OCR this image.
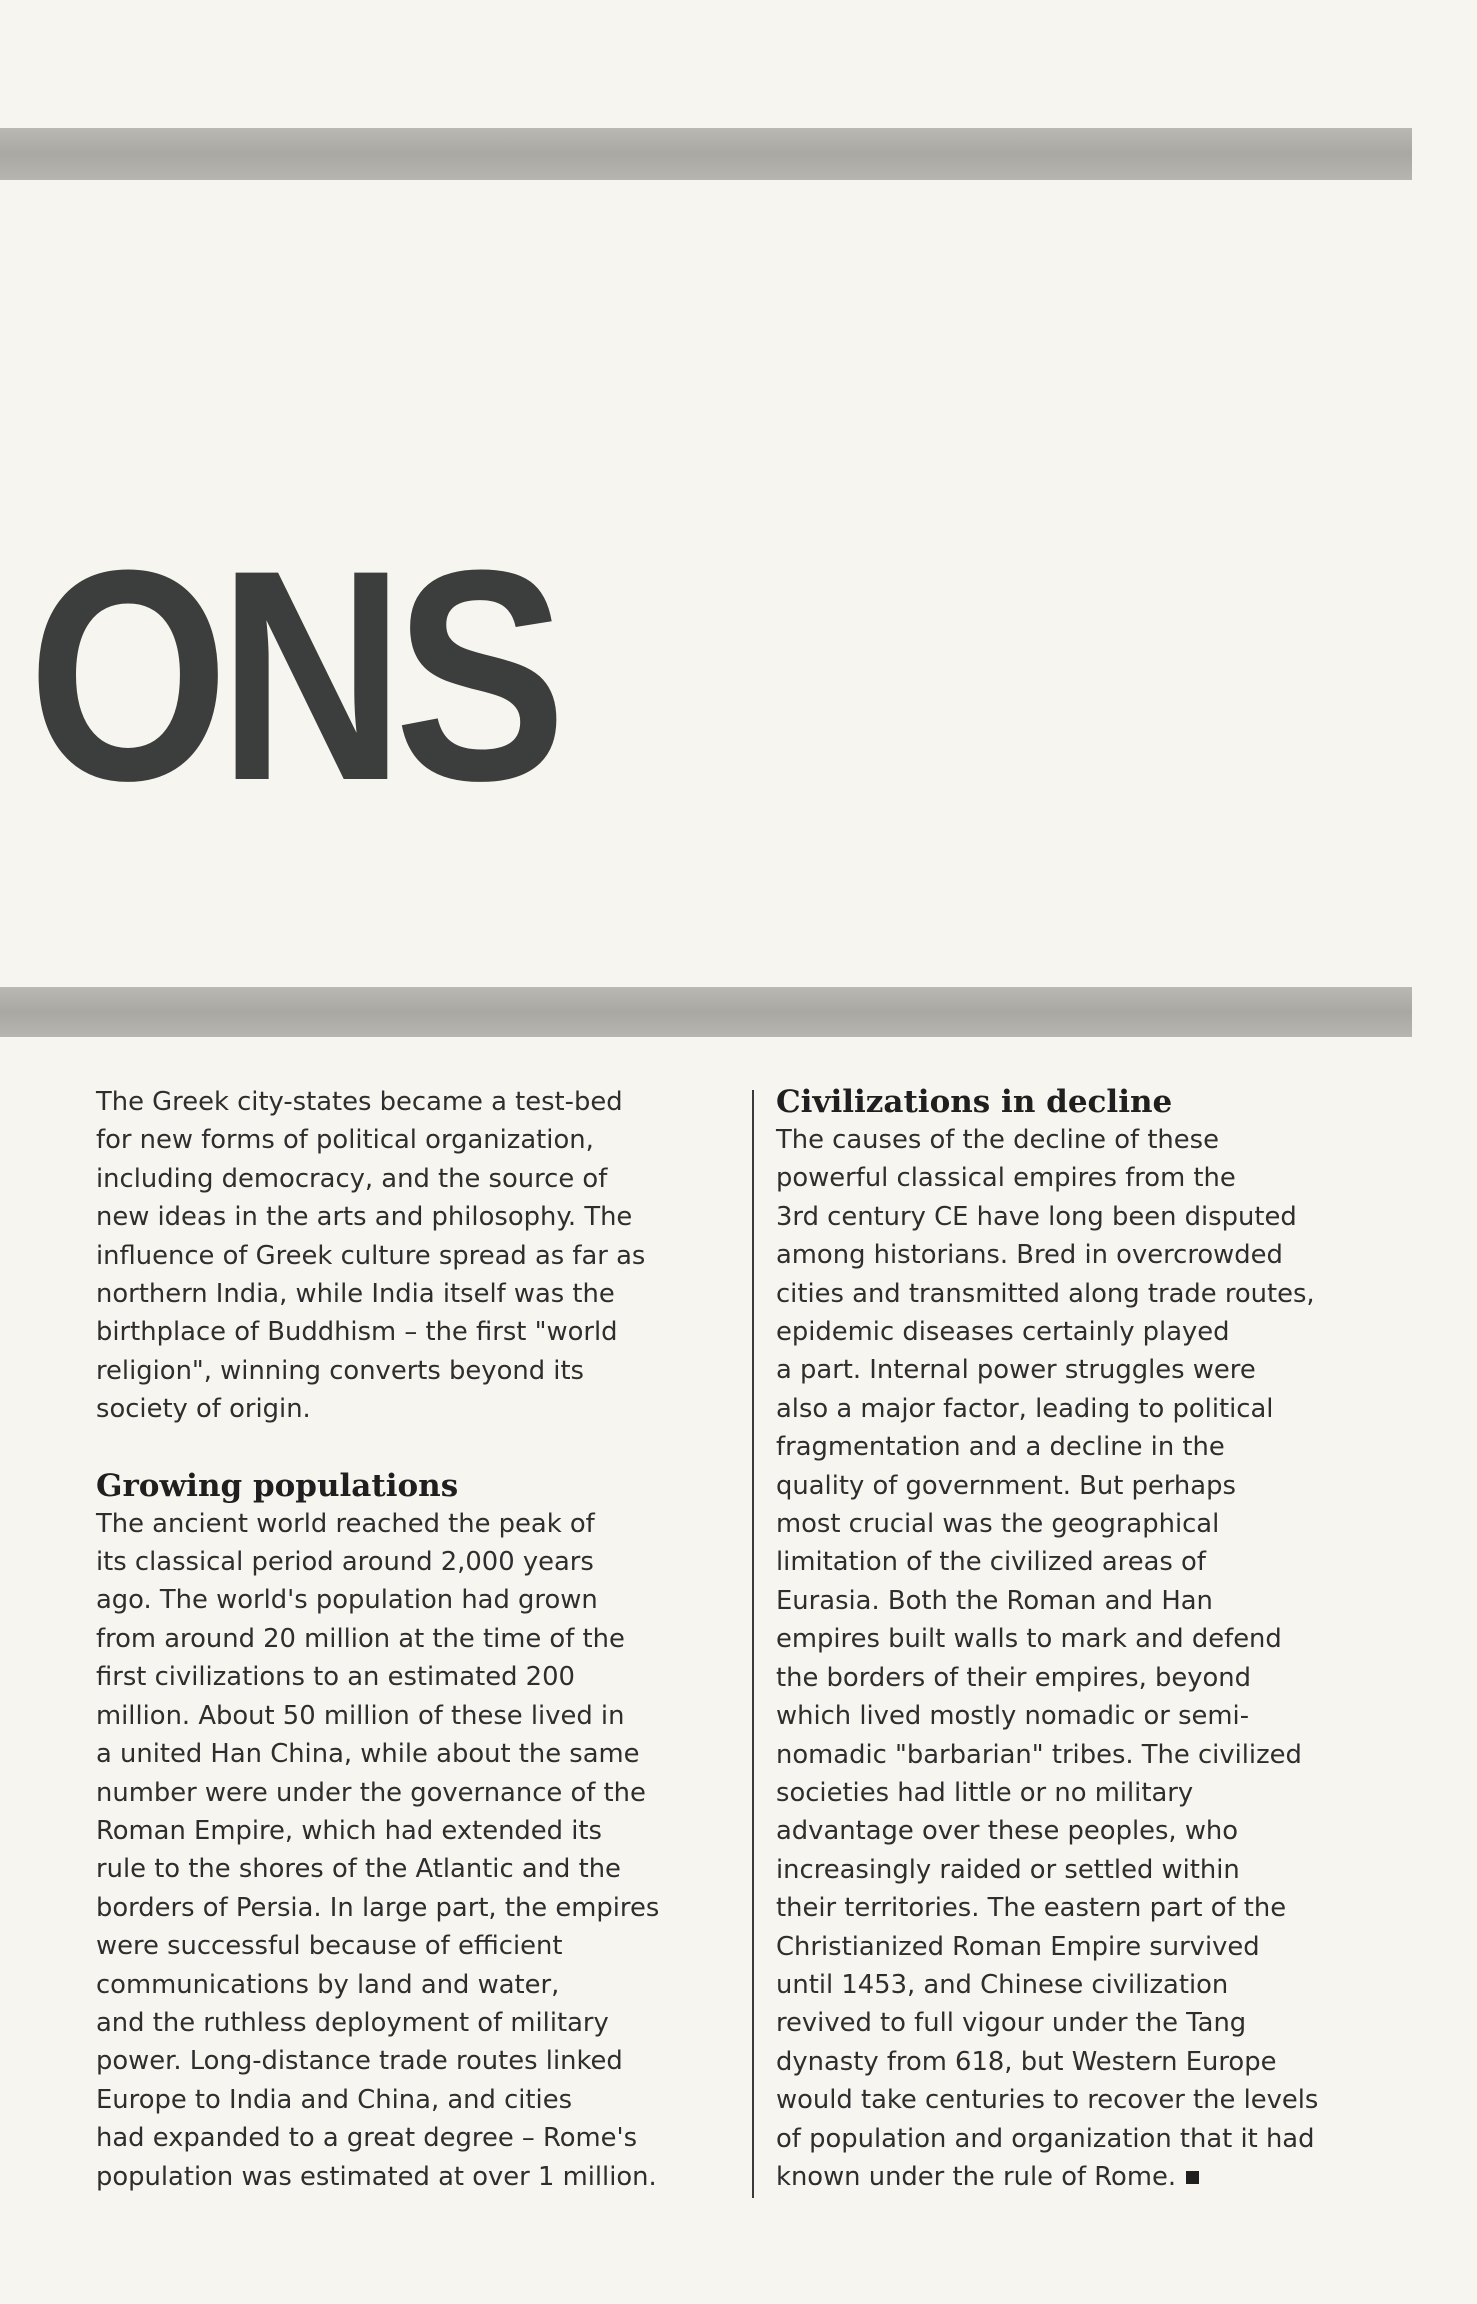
ONS

The Greek city-states became a test-bed
for new forms of political organization,
including democracy, and the source of
new ideas in the arts and philosophy. The
influence of Greek culture spread as far as
northern India, while India itself was the
birthplace of Buddhism – the first "world
religion", winning converts beyond its
society of origin.

Growing populations

The ancient world reached the peak of
its classical period around 2,000 years
ago. The world's population had grown
from around 20 million at the time of the
first civilizations to an estimated 200
million. About 50 million of these lived in
a united Han China, while about the same
number were under the governance of the
Roman Empire, which had extended its
rule to the shores of the Atlantic and the
borders of Persia. In large part, the empires
were successful because of efficient
communications by land and water,
and the ruthless deployment of military
power. Long-distance trade routes linked
Europe to India and China, and cities
had expanded to a great degree – Rome's
population was estimated at over 1 million.

Civilizations in decline

The causes of the decline of these
powerful classical empires from the
3rd century CE have long been disputed
among historians. Bred in overcrowded
cities and transmitted along trade routes,
epidemic diseases certainly played
a part. Internal power struggles were
also a major factor, leading to political
fragmentation and a decline in the
quality of government. But perhaps
most crucial was the geographical
limitation of the civilized areas of
Eurasia. Both the Roman and Han
empires built walls to mark and defend
the borders of their empires, beyond
which lived mostly nomadic or semi-
nomadic "barbarian" tribes. The civilized
societies had little or no military
advantage over these peoples, who
increasingly raided or settled within
their territories. The eastern part of the
Christianized Roman Empire survived
until 1453, and Chinese civilization
revived to full vigour under the Tang
dynasty from 618, but Western Europe
would take centuries to recover the levels
of population and organization that it had
known under the rule of Rome.
